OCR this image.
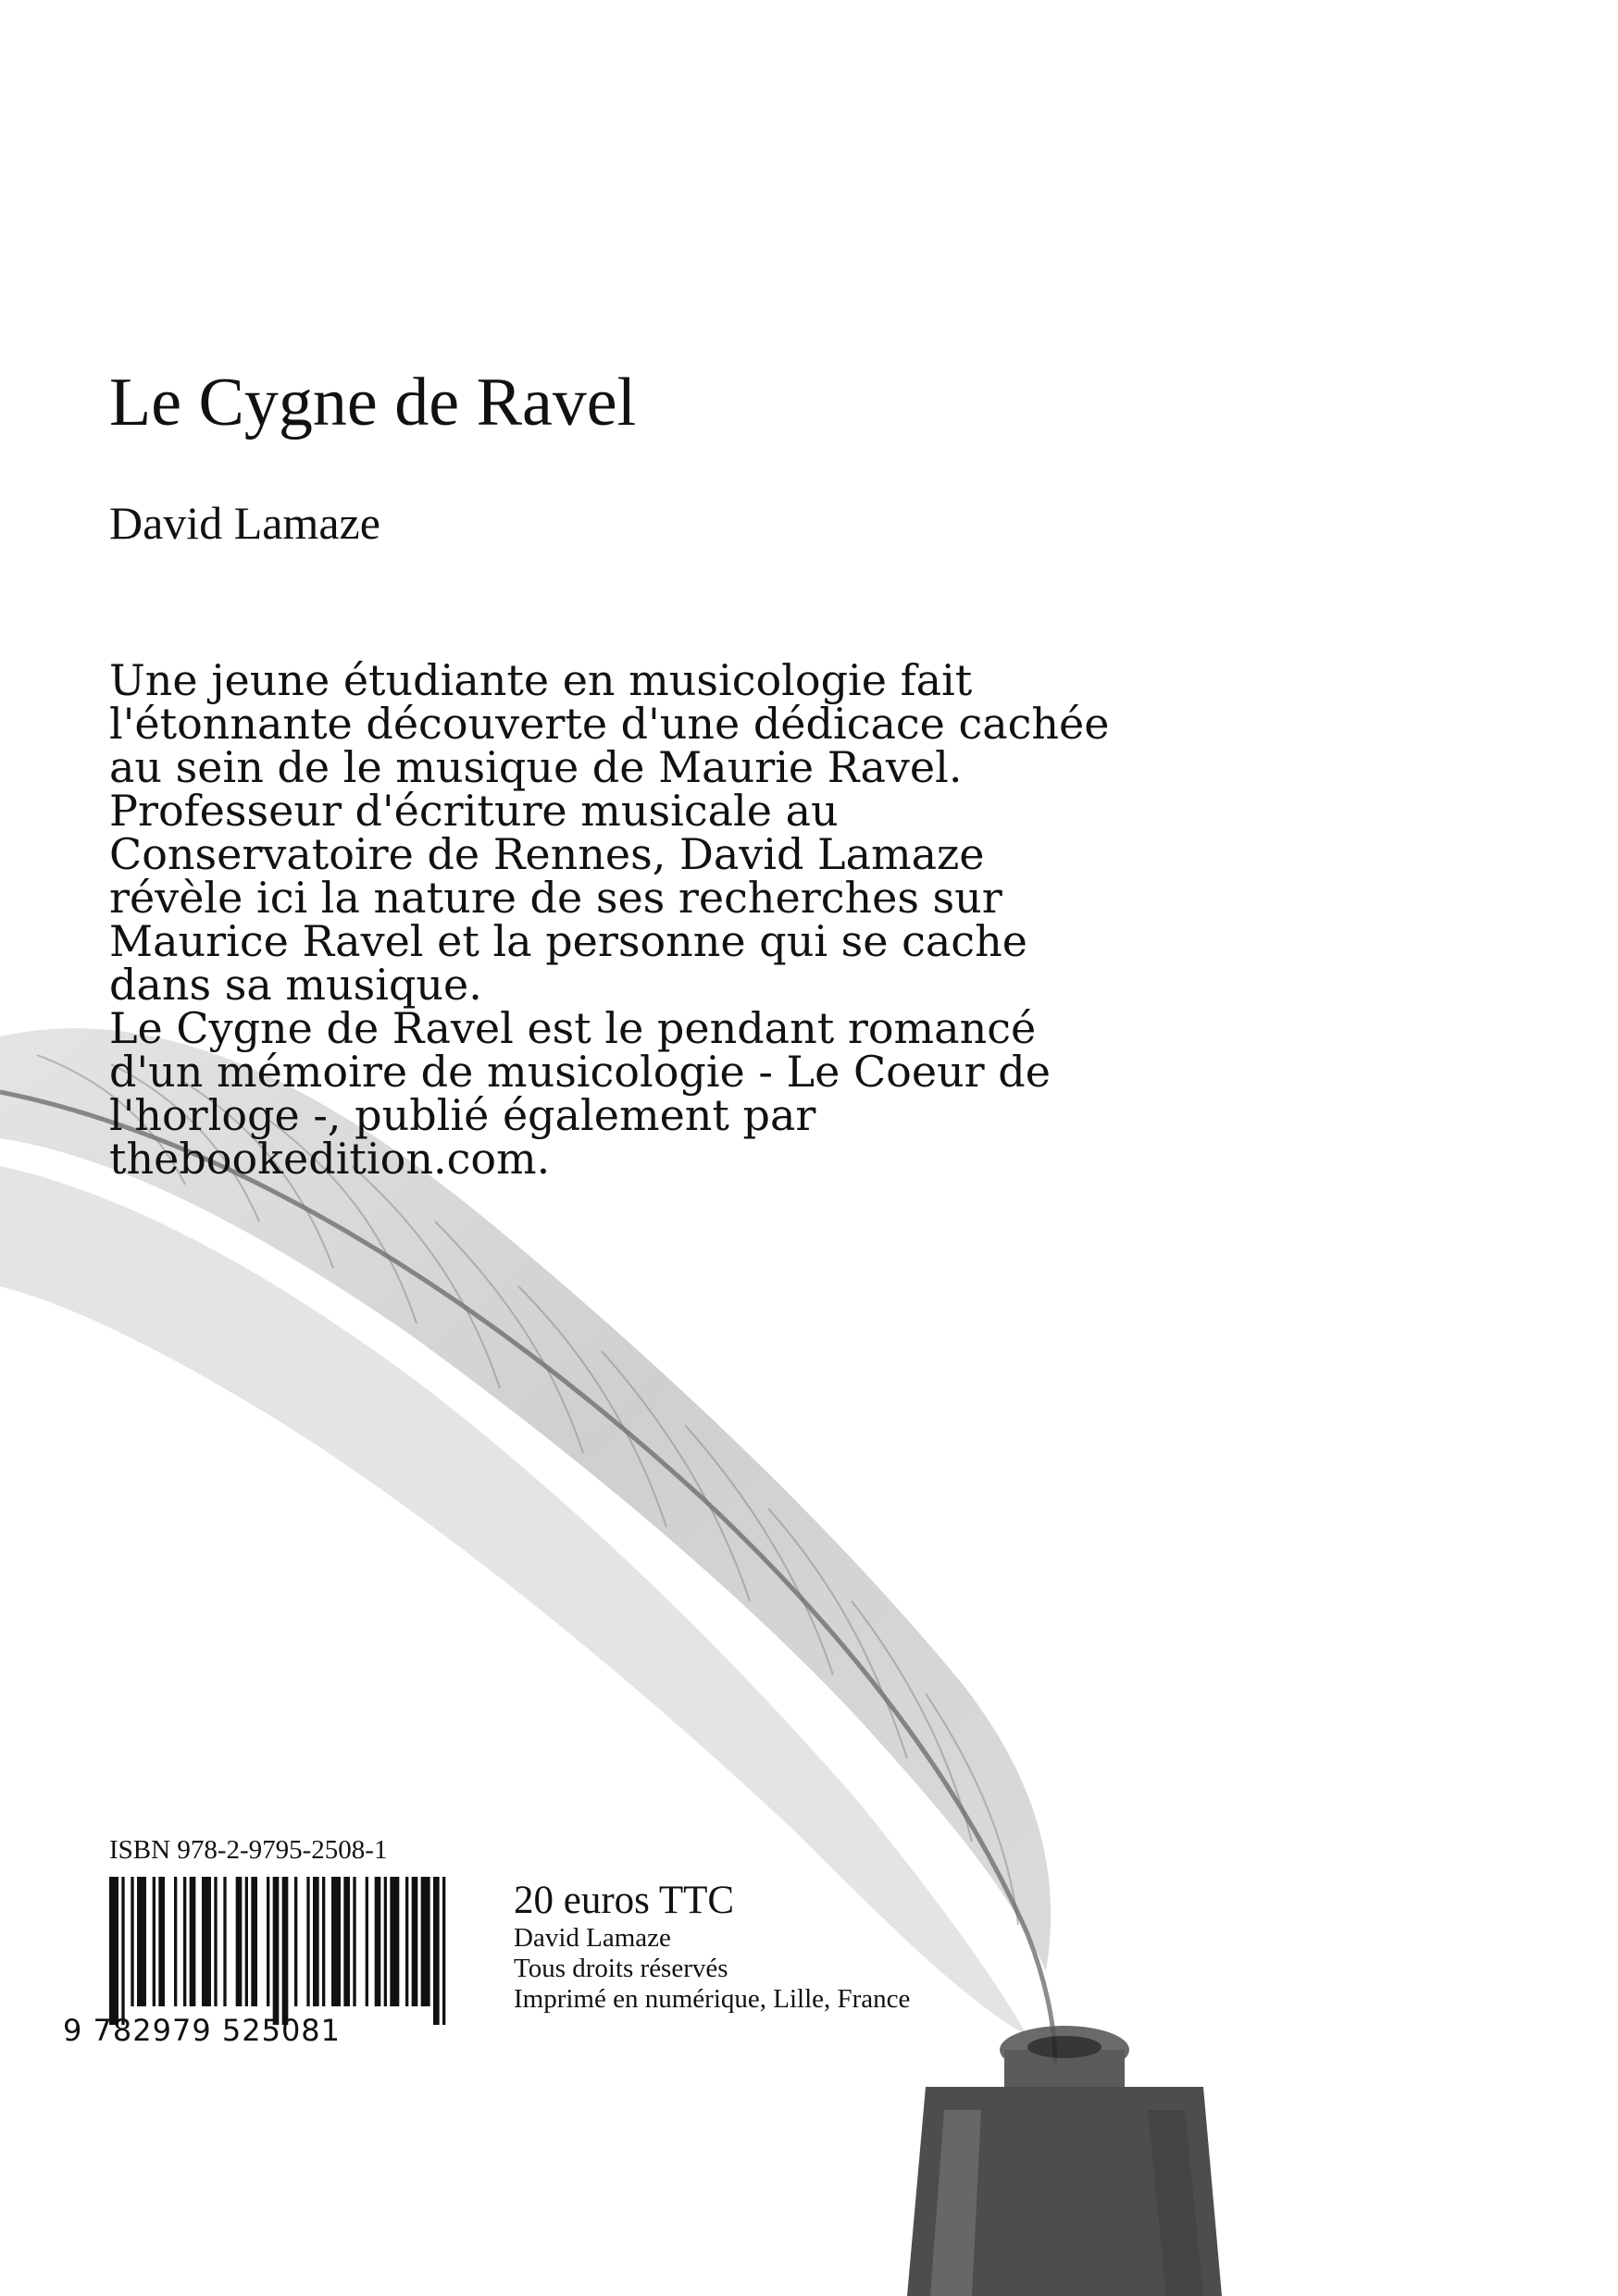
Le Cygne de Ravel
David Lamaze
Une jeune étudiante en musicologie fait
l'étonnante découverte d'une dédicace cachée
au sein de le musique de Maurie Ravel.
Professeur d'écriture musicale au
Conservatoire de Rennes, David Lamaze
révèle ici la nature de ses recherches sur
Maurice Ravel et la personne qui se cache
dans sa musique.
Le Cygne de Ravel est le pendant romancé
d'un mémoire de musicologie - Le Coeur de
l'horloge -, publié également par
thebookedition.com.
ISBN 978-2-9795-2508-1
9 782979 525081
20 euros TTC
David Lamaze
Tous droits réservés
Imprimé en numérique, Lille, France
